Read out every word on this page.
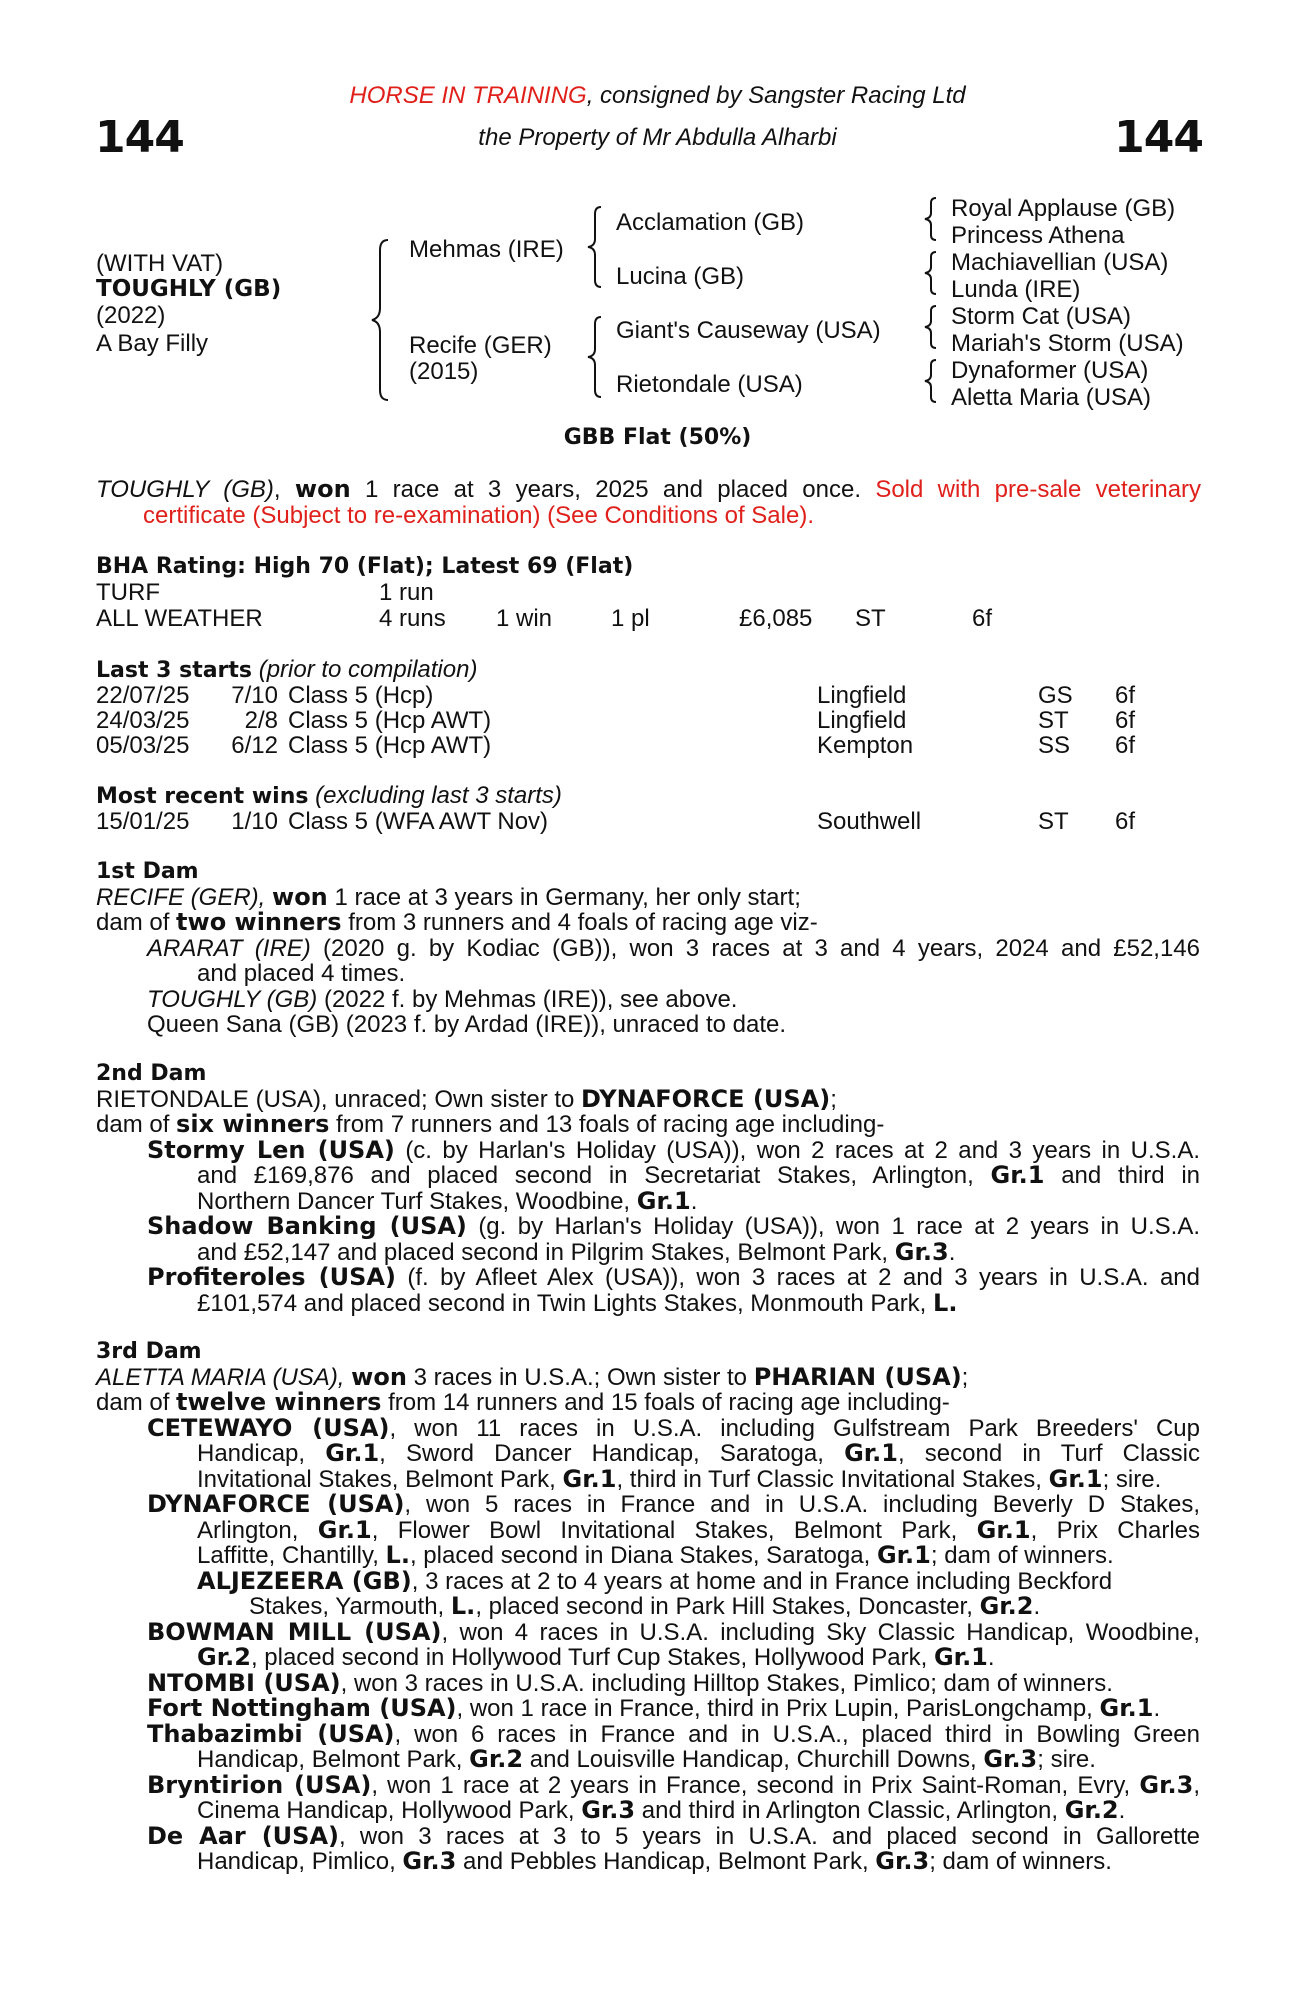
144	144
HORSE IN TRAINING, consigned by Sangster Racing Ltd
the Property of Mr Abdulla Alharbi
(WITH VAT)
TOUGHLY (GB)
(2022)
A Bay Filly
Mehmas (IRE)
Recife (GER)
(2015)
Acclamation (GB)
Lucina (GB)
Giant's Causeway (USA)
Rietondale (USA)
Royal Applause (GB)
Princess Athena
Machiavellian (USA)
Lunda (IRE)
Storm Cat (USA)
Mariah's Storm (USA)
Dynaformer (USA)
Aletta Maria (USA)
GBB Flat (50%)
TOUGHLY (GB), won 1 race at 3 years, 2025 and placed once. Sold with pre-sale veterinary
certificate (Subject to re-examination) (See Conditions of Sale).
BHA Rating: High 70 (Flat); Latest 69 (Flat)
TURF	1 run
ALL WEATHER	4 runs 1 win 1 pl	£6,085 ST	6f
Last 3 starts (prior to compilation)
22/07/25 7/10 Class 5 (Hcp)	Lingfield	GS 6f
24/03/25 2/8 Class 5 (Hcp AWT)	Lingfield	ST 6f
05/03/25 6/12 Class 5 (Hcp AWT)	Kempton	SS 6f
Most recent wins (excluding last 3 starts)
15/01/25 1/10 Class 5 (WFA AWT Nov)	Southwell	ST 6f
1st Dam
RECIFE (GER), won 1 race at 3 years in Germany, her only start;
dam of two winners from 3 runners and 4 foals of racing age viz-
ARARAT (IRE) (2020 g. by Kodiac (GB)), won 3 races at 3 and 4 years, 2024 and £52,146
and placed 4 times.
TOUGHLY (GB) (2022 f. by Mehmas (IRE)), see above.
Queen Sana (GB) (2023 f. by Ardad (IRE)), unraced to date.
2nd Dam
RIETONDALE (USA), unraced; Own sister to DYNAFORCE (USA);
dam of six winners from 7 runners and 13 foals of racing age including-
Stormy Len (USA) (c. by Harlan's Holiday (USA)), won 2 races at 2 and 3 years in U.S.A.
and £169,876 and placed second in Secretariat Stakes, Arlington, Gr.1 and third in
Northern Dancer Turf Stakes, Woodbine, Gr.1.
Shadow Banking (USA) (g. by Harlan's Holiday (USA)), won 1 race at 2 years in U.S.A.
and £52,147 and placed second in Pilgrim Stakes, Belmont Park, Gr.3.
Profiteroles (USA) (f. by Afleet Alex (USA)), won 3 races at 2 and 3 years in U.S.A. and
£101,574 and placed second in Twin Lights Stakes, Monmouth Park, L.
3rd Dam
ALETTA MARIA (USA), won 3 races in U.S.A.; Own sister to PHARIAN (USA);
dam of twelve winners from 14 runners and 15 foals of racing age including-
CETEWAYO (USA), won 11 races in U.S.A. including Gulfstream Park Breeders' Cup
Handicap, Gr.1, Sword Dancer Handicap, Saratoga, Gr.1, second in Turf Classic
Invitational Stakes, Belmont Park, Gr.1, third in Turf Classic Invitational Stakes, Gr.1; sire.
DYNAFORCE (USA), won 5 races in France and in U.S.A. including Beverly D Stakes,
Arlington, Gr.1, Flower Bowl Invitational Stakes, Belmont Park, Gr.1, Prix Charles
Laffitte, Chantilly, L., placed second in Diana Stakes, Saratoga, Gr.1; dam of winners.
ALJEZEERA (GB), 3 races at 2 to 4 years at home and in France including Beckford
Stakes, Yarmouth, L., placed second in Park Hill Stakes, Doncaster, Gr.2.
BOWMAN MILL (USA), won 4 races in U.S.A. including Sky Classic Handicap, Woodbine,
Gr.2, placed second in Hollywood Turf Cup Stakes, Hollywood Park, Gr.1.
NTOMBI (USA), won 3 races in U.S.A. including Hilltop Stakes, Pimlico; dam of winners.
Fort Nottingham (USA), won 1 race in France, third in Prix Lupin, ParisLongchamp, Gr.1.
Thabazimbi (USA), won 6 races in France and in U.S.A., placed third in Bowling Green
Handicap, Belmont Park, Gr.2 and Louisville Handicap, Churchill Downs, Gr.3; sire.
Bryntirion (USA), won 1 race at 2 years in France, second in Prix Saint-Roman, Evry, Gr.3,
Cinema Handicap, Hollywood Park, Gr.3 and third in Arlington Classic, Arlington, Gr.2.
De Aar (USA), won 3 races at 3 to 5 years in U.S.A. and placed second in Gallorette
Handicap, Pimlico, Gr.3 and Pebbles Handicap, Belmont Park, Gr.3; dam of winners.
